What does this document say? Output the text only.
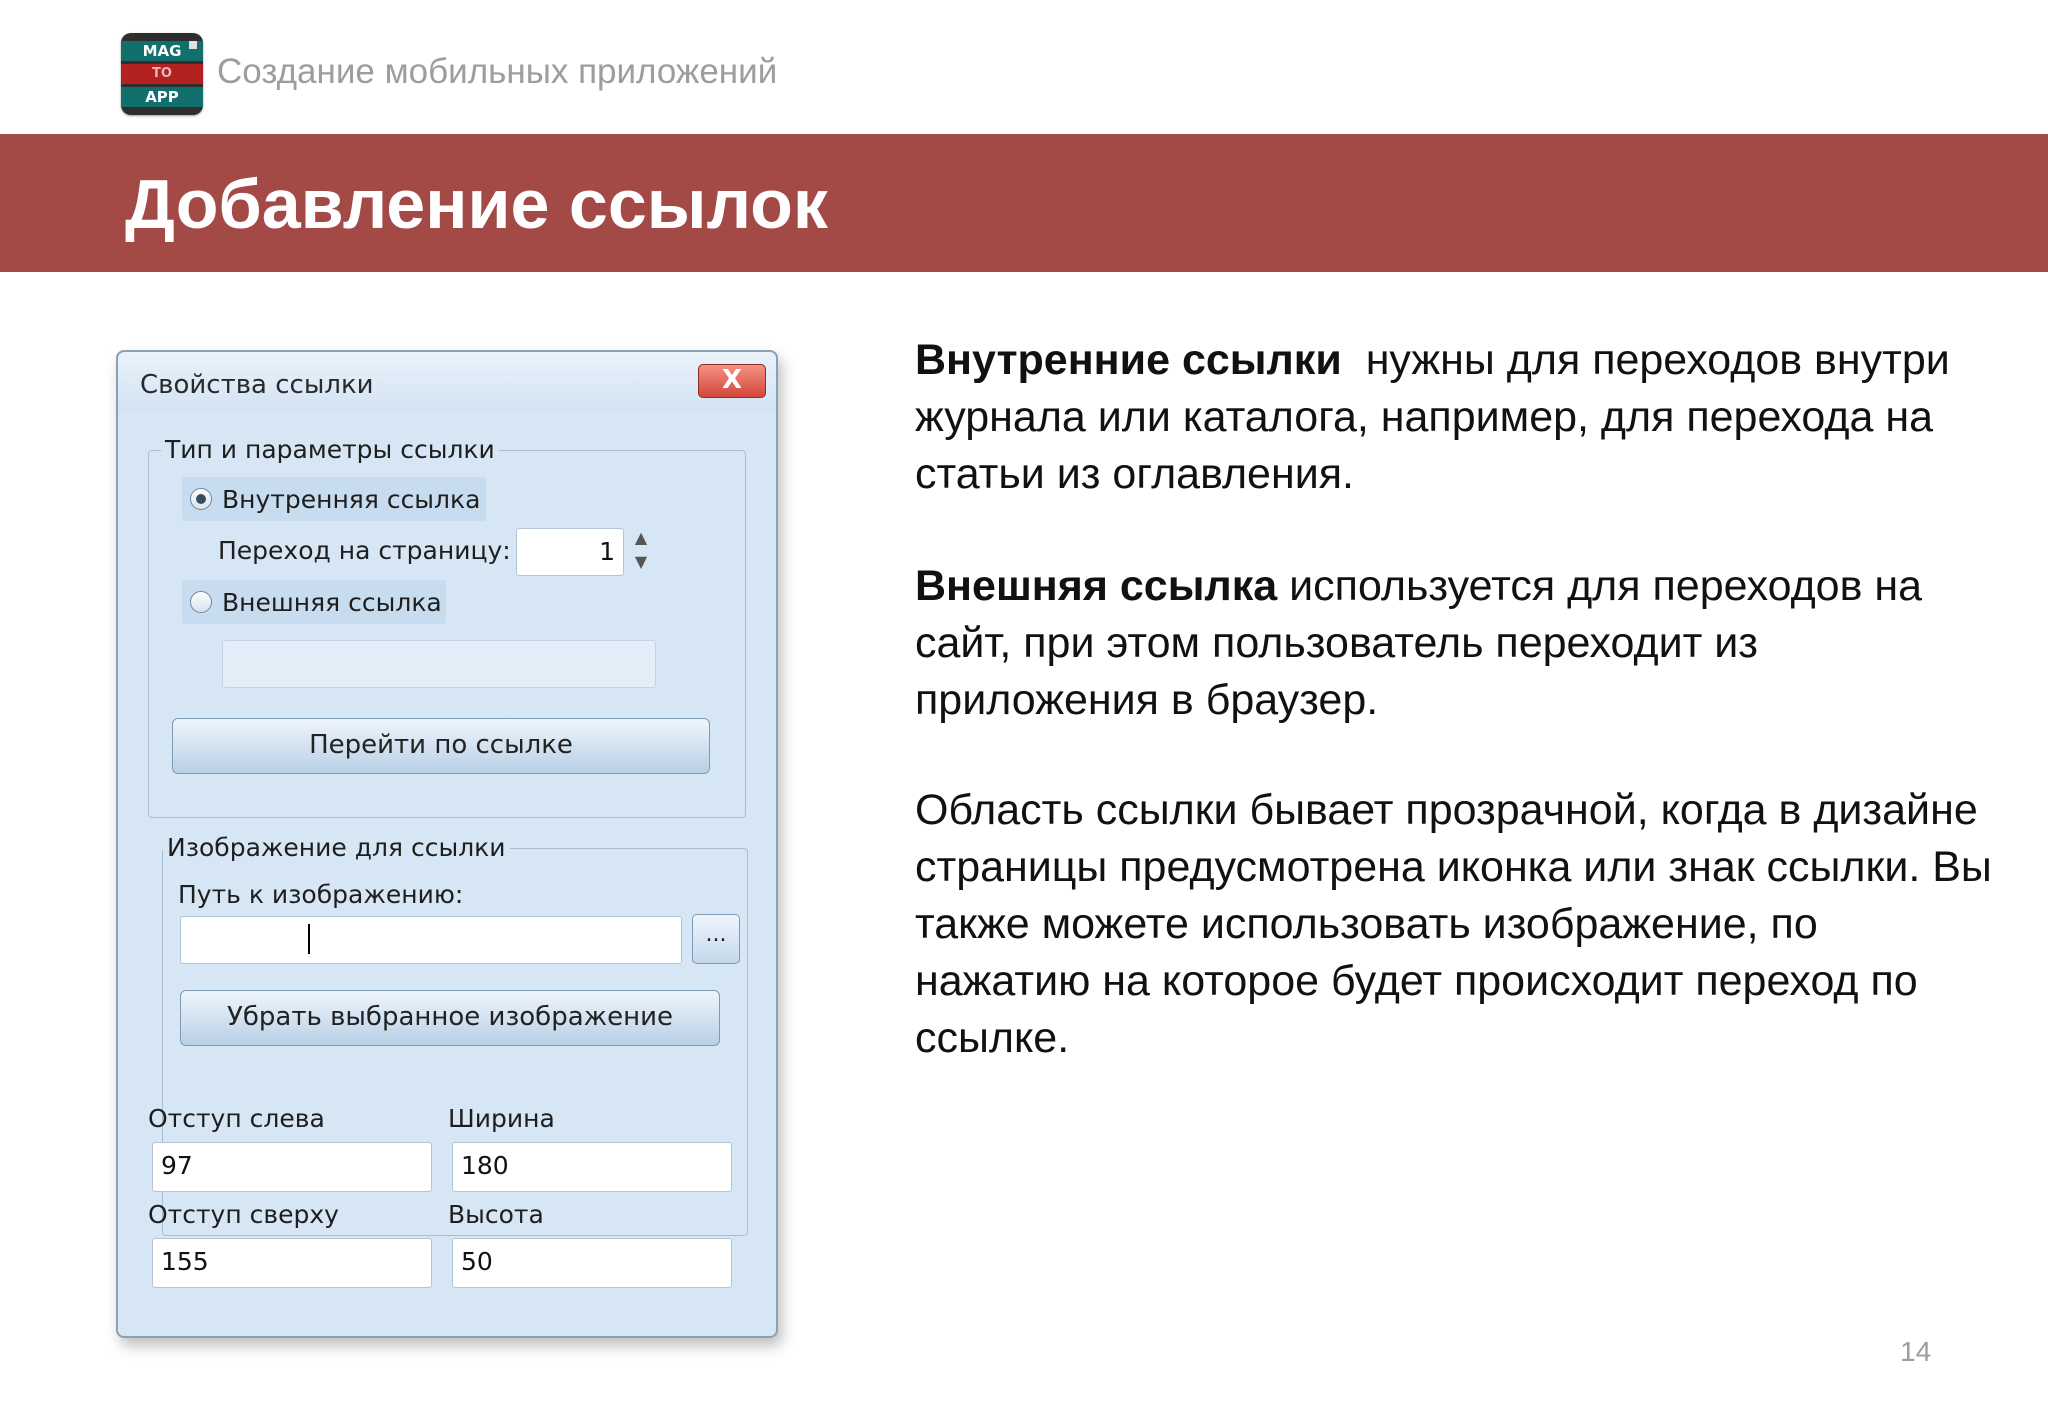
MAG
TO
APP
Создание мобильных приложений
Добавление ссылок
Свойства ссылки	X
Тип и параметры ссылки
Внутренняя ссылка
Переход на страницу:	1	▲
▼
Внешняя ссылка
Перейти по ссылке
Изображение для ссылки
Путь к изображению:
...
Убрать выбранное изображение
Отступ слева	Ширина
97	180
Отступ сверху	Высота
155	50

Внутренние ссылки нужны для переходов внутри журнала или каталога, например, для перехода на статьи из оглавления.

Внешняя ссылка используется для переходов на сайт, при этом пользователь переходит из приложения в браузер.

Область ссылки бывает прозрачной, когда в дизайне страницы предусмотрена иконка или знак ссылки. Вы также можете использовать изображение, по нажатию на которое будет происходит переход по ссылке.

14
